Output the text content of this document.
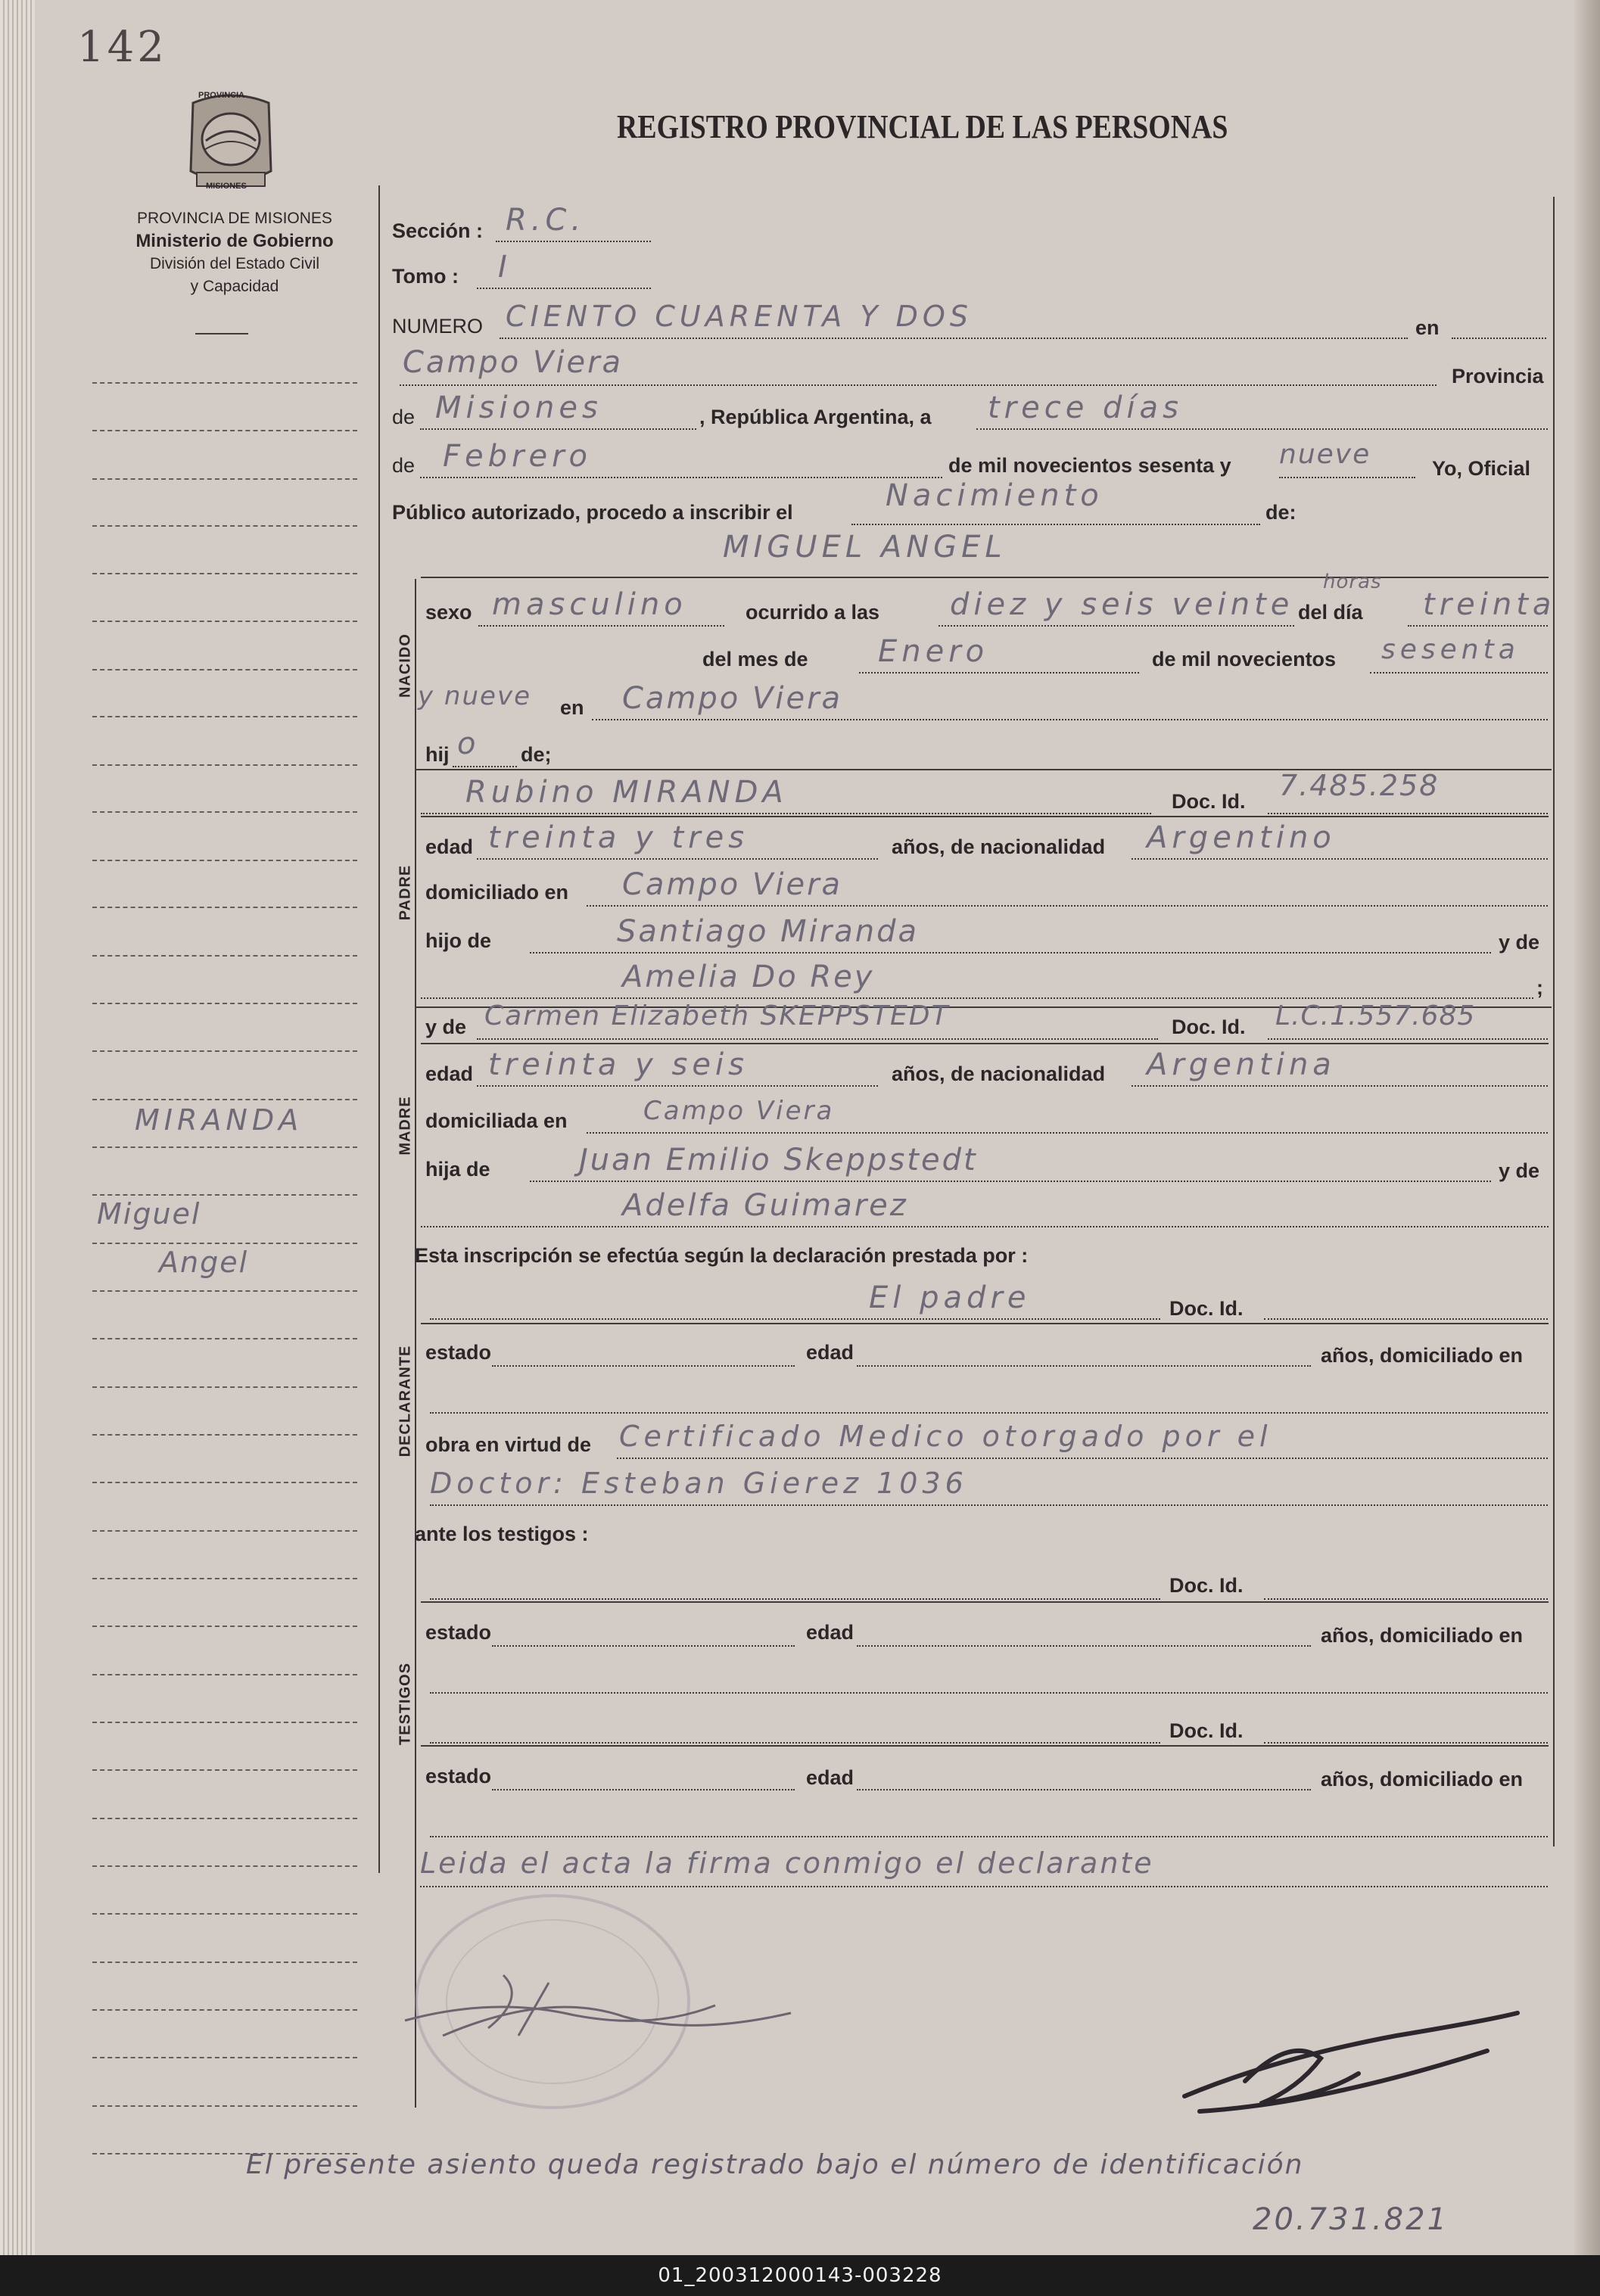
142
PROVINCIA
MISIONES
PROVINCIA DE MISIONES
Ministerio de Gobierno
División del Estado Civil
y Capacidad
REGISTRO PROVINCIAL DE LAS PERSONAS
MIRANDA
Miguel
Angel
Sección : R.C.
Tomo : I
NUMERO CIENTO CUARENTA Y DOS	en
Campo Viera	Provincia
de Misiones	, República Argentina, a trece días
de Febrero	de mil novecientos sesenta y nueve	Yo, Oficial
Público autorizado, procedo a inscribir el	Nacimiento	de:
NACIDO
MIGUEL ANGEL
sexo masculino	ocurrido a las diez y seis veinte
horas
del día treinta
del mes de Enero	de mil novecientos sesenta
y nueve en Campo Viera
hij o de;
PADRE
Rubino MIRANDA	Doc. Id. 7.485.258
edad treinta y tres	años, de nacionalidad Argentino
domiciliado en Campo Viera
hijo de	Santiago Miranda	y de
Amelia Do Rey	;
MADRE
y de Carmen Elizabeth SKEPPSTEDT	Doc. Id. L.C.1.557.685
edad treinta y seis	años, de nacionalidad Argentina
domiciliada en	Campo Viera
hija de	Juan Emilio Skeppstedt	y de
Adelfa Guimarez
Esta inscripción se efectúa según la declaración prestada por :
DECLARANTE
El padre	Doc. Id.
estado	edad	años, domiciliado en
obra en virtud de Certificado Medico otorgado por el
Doctor: Esteban Gierez 1036
ante los testigos :
TESTIGOS
Doc. Id.
estado	edad	años, domiciliado en
Doc. Id.
estado	edad	años, domiciliado en
Leida el acta la firma conmigo el declarante
El presente asiento queda registrado bajo el número de identificación
20.731.821
01_200312000143-003228
